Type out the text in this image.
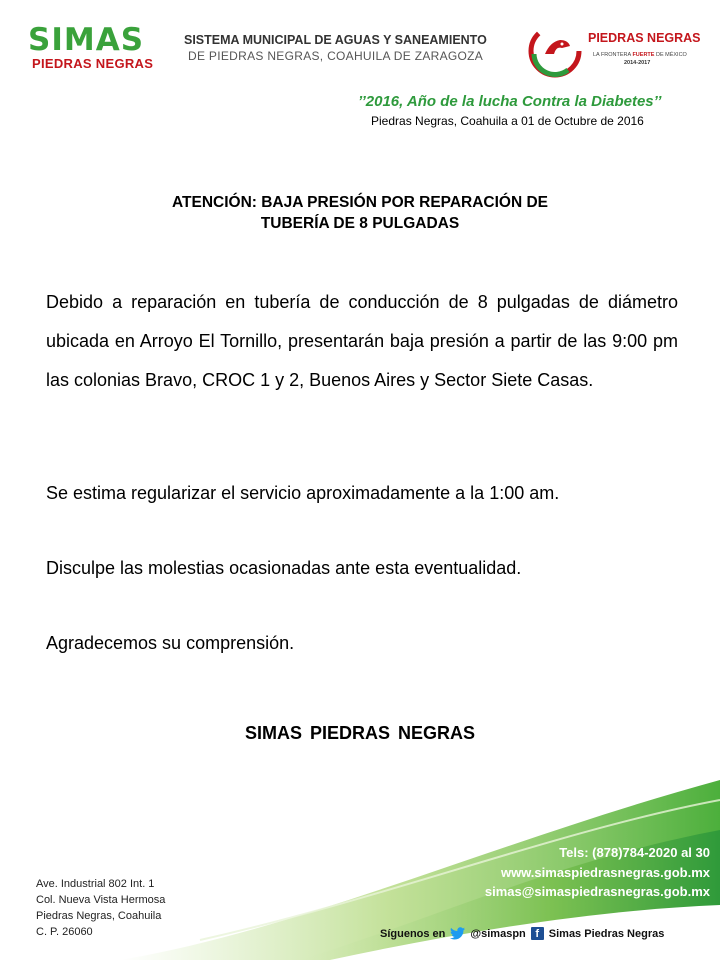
SIMAS
PIEDRAS NEGRAS
SISTEMA MUNICIPAL DE AGUAS Y SANEAMIENTO
DE PIEDRAS NEGRAS, COAHUILA DE ZARAGOZA
PIEDRAS NEGRAS
LA FRONTERA FUERTE DE MÉXICO
2014-2017
’’2016, Año de la lucha Contra la Diabetes’’
Piedras Negras, Coahuila a 01 de Octubre de 2016
ATENCIÓN: BAJA PRESIÓN POR REPARACIÓN DE
TUBERÍA DE 8 PULGADAS
Debido a reparación en tubería de conducción de 8 pulgadas de diámetro ubicada en Arroyo El Tornillo, presentarán baja presión a partir de las 9:00 pm las colonias Bravo, CROC 1 y 2, Buenos Aires y Sector Siete Casas.
Se estima regularizar el servicio aproximadamente a la 1:00 am.
Disculpe las molestias ocasionadas ante esta eventualidad.
Agradecemos su comprensión.
SIMAS PIEDRAS NEGRAS
Ave. Industrial 802 Int. 1
Col. Nueva Vista Hermosa
Piedras Negras, Coahuila
C. P. 26060
Tels: (878)784-2020 al 30
www.simaspiedrasnegras.gob.mx
simas@simaspiedrasnegras.gob.mx
Síguenos en @simaspn f Simas Piedras Negras
